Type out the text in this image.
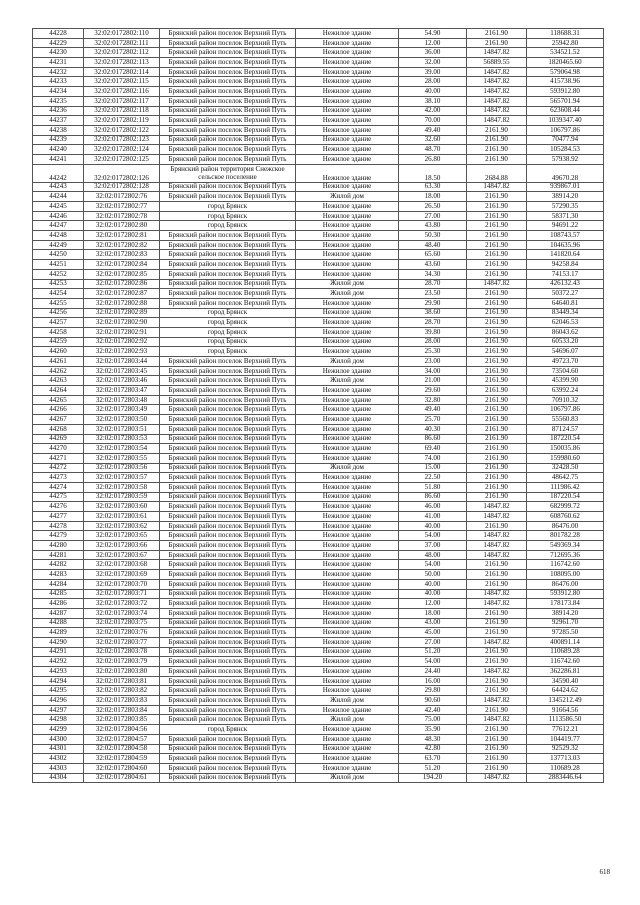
44228	32:02:0172802:110	Брянский район поселок Верхний Путь	Нежилое здание	54.90	2161.90	118688.31
44229	32:02:0172802:111	Брянский район поселок Верхний Путь	Нежилое здание	12.00	2161.90	25942.80
44230	32:02:0172802:112	Брянский район поселок Верхний Путь	Нежилое здание	36.00	14847.82	534521.52
44231	32:02:0172802:113	Брянский район поселок Верхний Путь	Нежилое здание	32.00	56889.55	1820465.60
44232	32:02:0172802:114	Брянский район поселок Верхний Путь	Нежилое здание	39.00	14847.82	579064.98
44233	32:02:0172802:115	Брянский район поселок Верхний Путь	Нежилое здание	28.00	14847.82	415738.96
44234	32:02:0172802:116	Брянский район поселок Верхний Путь	Нежилое здание	40.00	14847.82	593912.80
44235	32:02:0172802:117	Брянский район поселок Верхний Путь	Нежилое здание	38.10	14847.82	565701.94
44236	32:02:0172802:118	Брянский район поселок Верхний Путь	Нежилое здание	42.00	14847.82	623608.44
44237	32:02:0172802:119	Брянский район поселок Верхний Путь	Нежилое здание	70.00	14847.82	1039347.40
44238	32:02:0172802:122	Брянский район поселок Верхний Путь	Нежилое здание	49.40	2161.90	106797.86
44239	32:02:0172802:123	Брянский район поселок Верхний Путь	Нежилое здание	32.60	2161.90	70477.94
44240	32:02:0172802:124	Брянский район поселок Верхний Путь	Нежилое здание	48.70	2161.90	105284.53
44241	32:02:0172802:125	Брянский район поселок Верхний Путь	Нежилое здание	26.80	2161.90	57938.92
44242	32:02:0172802:126	Брянский район территория Снежское сельское поселение	Нежилое здание	18.50	2684.88	49670.28
44243	32:02:0172802:128	Брянский район поселок Верхний Путь	Нежилое здание	63.30	14847.82	939867.01
44244	32:02:0172802:76	Брянский район поселок Верхний Путь	Жилой дом	18.00	2161.90	38914.20
44245	32:02:0172802:77	город Брянск	Нежилое здание	26.50	2161.90	57290.35
44246	32:02:0172802:78	город Брянск	Нежилое здание	27.00	2161.90	58371.30
44247	32:02:0172802:80	город Брянск	Нежилое здание	43.80	2161.90	94691.22
44248	32:02:0172802:81	Брянский район поселок Верхний Путь	Нежилое здание	50.30	2161.90	108743.57
44249	32:02:0172802:82	Брянский район поселок Верхний Путь	Нежилое здание	48.40	2161.90	104635.96
44250	32:02:0172802:83	Брянский район поселок Верхний Путь	Нежилое здание	65.60	2161.90	141820.64
44251	32:02:0172802:84	Брянский район поселок Верхний Путь	Нежилое здание	43.60	2161.90	94258.84
44252	32:02:0172802:85	Брянский район поселок Верхний Путь	Нежилое здание	34.30	2161.90	74153.17
44253	32:02:0172802:86	Брянский район поселок Верхний Путь	Жилой дом	28.70	14847.82	426132.43
44254	32:02:0172802:87	Брянский район поселок Верхний Путь	Жилой дом	23.50	2161.90	50372.27
44255	32:02:0172802:88	Брянский район поселок Верхний Путь	Нежилое здание	29.90	2161.90	64640.81
44256	32:02:0172802:89	город Брянск	Нежилое здание	38.60	2161.90	83449.34
44257	32:02:0172802:90	город Брянск	Нежилое здание	28.70	2161.90	62046.53
44258	32:02:0172802:91	город Брянск	Нежилое здание	39.80	2161.90	86043.62
44259	32:02:0172802:92	город Брянск	Нежилое здание	28.00	2161.90	60533.20
44260	32:02:0172802:93	город Брянск	Нежилое здание	25.30	2161.90	54696.07
44261	32:02:0172803:44	Брянский район поселок Верхний Путь	Жилой дом	23.00	2161.90	49723.70
44262	32:02:0172803:45	Брянский район поселок Верхний Путь	Нежилое здание	34.00	2161.90	73504.60
44263	32:02:0172803:46	Брянский район поселок Верхний Путь	Жилой дом	21.00	2161.90	45399.90
44264	32:02:0172803:47	Брянский район поселок Верхний Путь	Нежилое здание	29.60	2161.90	63992.24
44265	32:02:0172803:48	Брянский район поселок Верхний Путь	Нежилое здание	32.80	2161.90	70910.32
44266	32:02:0172803:49	Брянский район поселок Верхний Путь	Нежилое здание	49.40	2161.90	106797.86
44267	32:02:0172803:50	Брянский район поселок Верхний Путь	Нежилое здание	25.70	2161.90	55560.83
44268	32:02:0172803:51	Брянский район поселок Верхний Путь	Нежилое здание	40.30	2161.90	87124.57
44269	32:02:0172803:53	Брянский район поселок Верхний Путь	Нежилое здание	86.60	2161.90	187220.54
44270	32:02:0172803:54	Брянский район поселок Верхний Путь	Нежилое здание	69.40	2161.90	150035.86
44271	32:02:0172803:55	Брянский район поселок Верхний Путь	Нежилое здание	74.00	2161.90	159980.60
44272	32:02:0172803:56	Брянский район поселок Верхний Путь	Жилой дом	15.00	2161.90	32428.50
44273	32:02:0172803:57	Брянский район поселок Верхний Путь	Нежилое здание	22.50	2161.90	48642.75
44274	32:02:0172803:58	Брянский район поселок Верхний Путь	Нежилое здание	51.80	2161.90	111986.42
44275	32:02:0172803:59	Брянский район поселок Верхний Путь	Нежилое здание	86.60	2161.90	187220.54
44276	32:02:0172803:60	Брянский район поселок Верхний Путь	Нежилое здание	46.00	14847.82	682999.72
44277	32:02:0172803:61	Брянский район поселок Верхний Путь	Нежилое здание	41.00	14847.82	608760.62
44278	32:02:0172803:62	Брянский район поселок Верхний Путь	Нежилое здание	40.00	2161.90	86476.00
44279	32:02:0172803:65	Брянский район поселок Верхний Путь	Нежилое здание	54.00	14847.82	801782.28
44280	32:02:0172803:66	Брянский район поселок Верхний Путь	Нежилое здание	37.00	14847.82	549369.34
44281	32:02:0172803:67	Брянский район поселок Верхний Путь	Нежилое здание	48.00	14847.82	712695.36
44282	32:02:0172803:68	Брянский район поселок Верхний Путь	Нежилое здание	54.00	2161.90	116742.60
44283	32:02:0172803:69	Брянский район поселок Верхний Путь	Нежилое здание	50.00	2161.90	108095.00
44284	32:02:0172803:70	Брянский район поселок Верхний Путь	Нежилое здание	40.00	2161.90	86476.00
44285	32:02:0172803:71	Брянский район поселок Верхний Путь	Нежилое здание	40.00	14847.82	593912.80
44286	32:02:0172803:72	Брянский район поселок Верхний Путь	Нежилое здание	12.00	14847.82	178173.84
44287	32:02:0172803:74	Брянский район поселок Верхний Путь	Нежилое здание	18.00	2161.90	38914.20
44288	32:02:0172803:75	Брянский район поселок Верхний Путь	Нежилое здание	43.00	2161.90	92961.70
44289	32:02:0172803:76	Брянский район поселок Верхний Путь	Нежилое здание	45.00	2161.90	97285.50
44290	32:02:0172803:77	Брянский район поселок Верхний Путь	Нежилое здание	27.00	14847.82	400891.14
44291	32:02:0172803:78	Брянский район поселок Верхний Путь	Нежилое здание	51.20	2161.90	110689.28
44292	32:02:0172803:79	Брянский район поселок Верхний Путь	Нежилое здание	54.00	2161.90	116742.60
44293	32:02:0172803:80	Брянский район поселок Верхний Путь	Нежилое здание	24.40	14847.82	362286.81
44294	32:02:0172803:81	Брянский район поселок Верхний Путь	Нежилое здание	16.00	2161.90	34590.40
44295	32:02:0172803:82	Брянский район поселок Верхний Путь	Нежилое здание	29.80	2161.90	64424.62
44296	32:02:0172803:83	Брянский район поселок Верхний Путь	Жилой дом	90.60	14847.82	1345212.49
44297	32:02:0172803:84	Брянский район поселок Верхний Путь	Нежилое здание	42.40	2161.90	91664.56
44298	32:02:0172803:85	Брянский район поселок Верхний Путь	Жилой дом	75.00	14847.82	1113586.50
44299	32:02:0172804:56	город Брянск	Нежилое здание	35.90	2161.90	77612.21
44300	32:02:0172804:57	Брянский район поселок Верхний Путь	Нежилое здание	48.30	2161.90	104419.77
44301	32:02:0172804:58	Брянский район поселок Верхний Путь	Нежилое здание	42.80	2161.90	92529.32
44302	32:02:0172804:59	Брянский район поселок Верхний Путь	Нежилое здание	63.70	2161.90	137713.03
44303	32:02:0172804:60	Брянский район поселок Верхний Путь	Нежилое здание	51.20	2161.90	110689.28
44304	32:02:0172804:61	Брянский район поселок Верхний Путь	Жилой дом	194.20	14847.82	2883446.64
618
